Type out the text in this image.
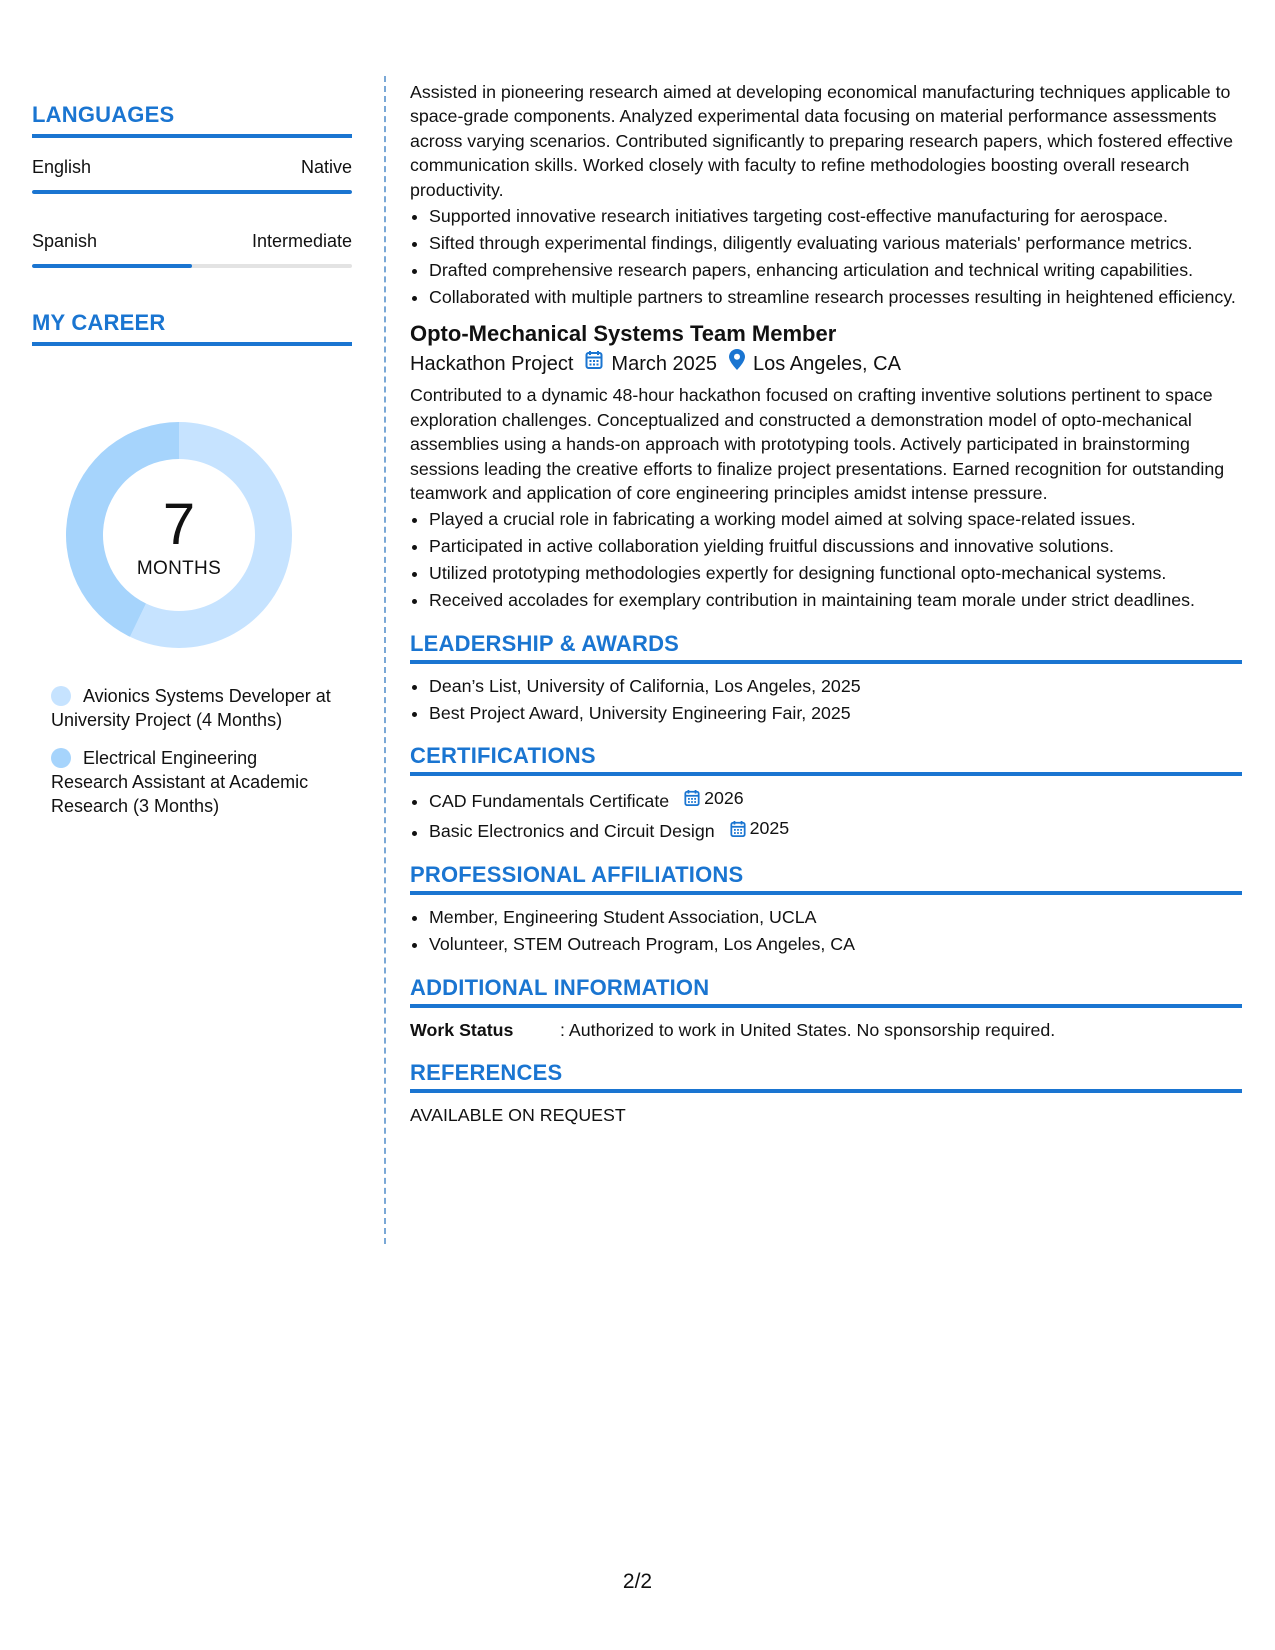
LANGUAGES
English	Native
Spanish	Intermediate
MY CAREER
7
MONTHS
Avionics Systems Developer at University Project (4 Months)
Electrical Engineering Research Assistant at Academic Research (3 Months)

Assisted in pioneering research aimed at developing economical manufacturing techniques applicable to space-grade components. Analyzed experimental data focusing on material performance assessments across varying scenarios. Contributed significantly to preparing research papers, which fostered effective communication skills. Worked closely with faculty to refine methodologies boosting overall research productivity.

• Supported innovative research initiatives targeting cost-effective manufacturing for aerospace.
• Sifted through experimental findings, diligently evaluating various materials' performance metrics.
• Drafted comprehensive research papers, enhancing articulation and technical writing capabilities.
• Collaborated with multiple partners to streamline research processes resulting in heightened efficiency.
Opto-Mechanical Systems Team Member
Hackathon Project March 2025 Los Angeles, CA

Contributed to a dynamic 48-hour hackathon focused on crafting inventive solutions pertinent to space exploration challenges. Conceptualized and constructed a demonstration model of opto-mechanical assemblies using a hands-on approach with prototyping tools. Actively participated in brainstorming sessions leading the creative efforts to finalize project presentations. Earned recognition for outstanding teamwork and application of core engineering principles amidst intense pressure.

• Played a crucial role in fabricating a working model aimed at solving space-related issues.
• Participated in active collaboration yielding fruitful discussions and innovative solutions.
• Utilized prototyping methodologies expertly for designing functional opto-mechanical systems.
• Received accolades for exemplary contribution in maintaining team morale under strict deadlines.
LEADERSHIP & AWARDS
• Dean’s List, University of California, Los Angeles, 2025
• Best Project Award, University Engineering Fair, 2025
CERTIFICATIONS
• CAD Fundamentals Certificate 2026
• Basic Electronics and Circuit Design 2025
PROFESSIONAL AFFILIATIONS
• Member, Engineering Student Association, UCLA
• Volunteer, STEM Outreach Program, Los Angeles, CA
ADDITIONAL INFORMATION
Work Status	: Authorized to work in United States. No sponsorship required.
REFERENCES
AVAILABLE ON REQUEST
2/2
